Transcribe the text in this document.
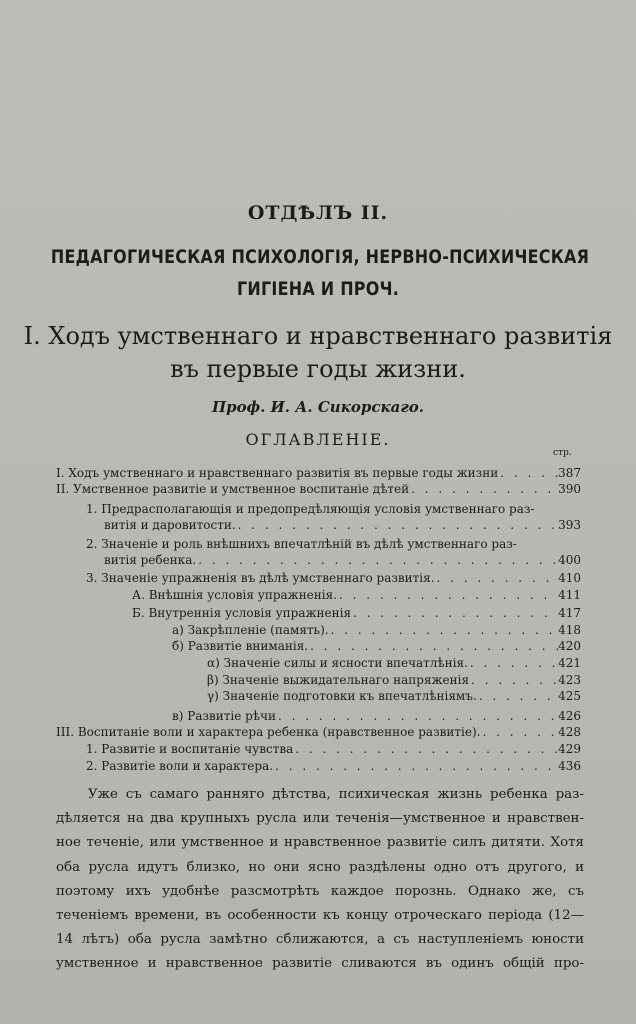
ОТДѢЛЪ II.
ПЕДАГОГИЧЕСКАЯ ПСИХОЛОГІЯ, НЕРВНО-ПСИХИЧЕСКАЯ
ГИГІЕНА И ПРОЧ.
I. Ходъ умственнаго и нравственнаго развитія
въ первые годы жизни.
Проф. И. А. Сикорскаго.
ОГЛАВЛЕНІЕ.
стр.
I. Ходъ умственнаго и нравственнаго развитія въ первые годы жизни . . .	387
II. Умственное развитіе и умственное воспитаніе дѣтей . . .	390
1. Предрасполагающія и предопредѣляющія условія умственнаго раз-
витія и даровитости. . . .	393
2. Значеніе и роль внѣшнихъ впечатлѣній въ дѣлѣ умственнаго раз-
витія ребенка. . . .	400
3. Значеніе упражненія въ дѣлѣ умственнаго развитія. . . .	410
А. Внѣшнія условія упражненія. . . .	411
Б. Внутреннія условія упражненія . . .	417
а) Закрѣпленіе (память). . . .	418
б) Развитіе вниманія. . . .	420
α) Значеніе силы и ясности впечатлѣнія. . . .	421
β) Значеніе выжидательнаго напряженія . . .	423
γ) Значеніе подготовки къ впечатлѣніямъ. . . .	425
в) Развитіе рѣчи . . .	426
III. Воспитаніе воли и характера ребенка (нравственное развитіе). . . .	428
1. Развитіе и воспитаніе чувства . . .	429
2. Развитіе воли и характера. . . .	436

Уже съ самаго ранняго дѣтства, психическая жизнь ребенка раз-

дѣляется на два крупныхъ русла или теченія—умственное и нравствен-

ное теченіе, или умственное и нравственное развитіе силъ дитяти. Хотя

оба русла идутъ близко, но они ясно раздѣлены одно отъ другого, и

поэтому ихъ удобнѣе разсмотрѣть каждое порознь. Однако же, съ

теченіемъ времени, въ особенности къ концу отроческаго періода (12—

14 лѣтъ) оба русла замѣтно сближаются, а съ наступленіемъ юности

умственное и нравственное развитіе сливаются въ одинъ общій про-
